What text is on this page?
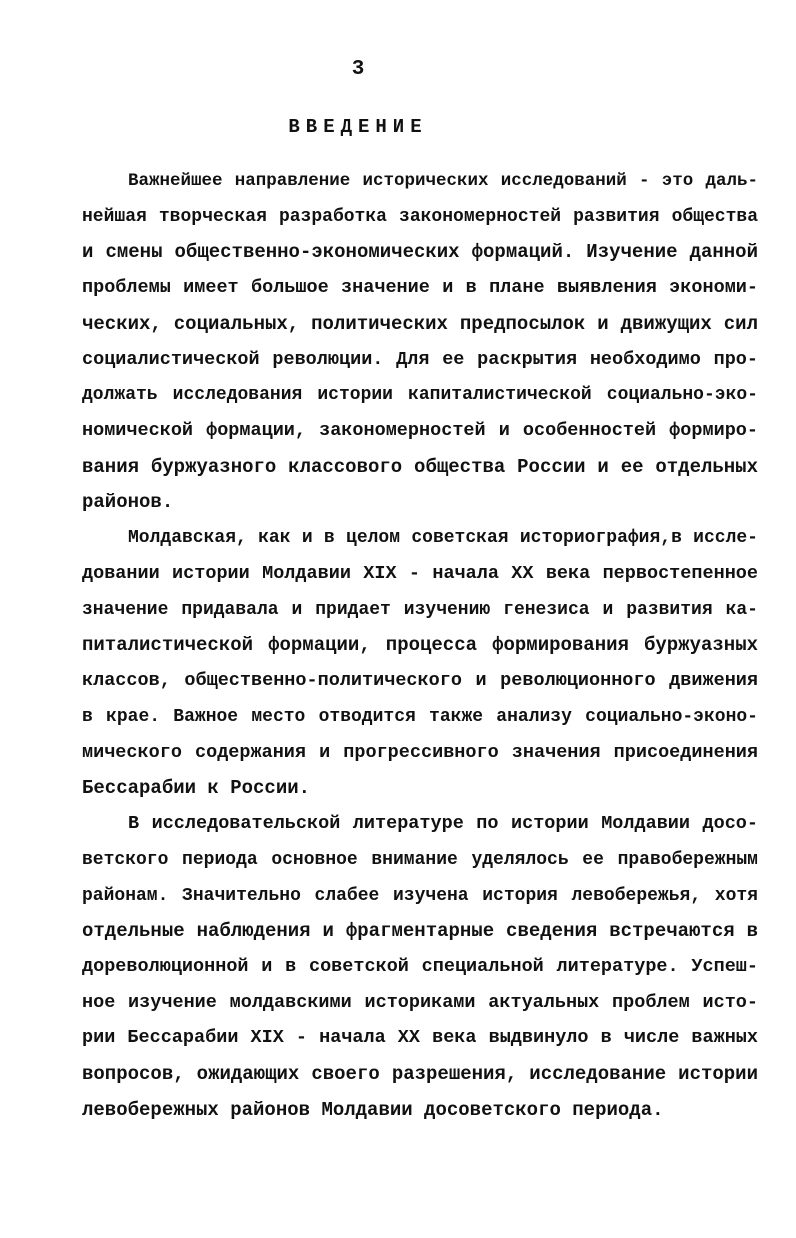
3
ВВЕДЕНИЕ
Важнейшее направление исторических исследований - это даль-
нейшая творческая разработка закономерностей развития общества
и смены общественно-экономических формаций. Изучение данной
проблемы имеет большое значение и в плане выявления экономи-
ческих, социальных, политических предпосылок и движущих сил
социалистической революции. Для ее раскрытия необходимо про-
должать исследования истории капиталистической социально-эко-
номической формации, закономерностей и особенностей формиро-
вания буржуазного классового общества России и ее отдельных
районов.
Молдавская, как и в целом советская историография,в иссле-
довании истории Молдавии XIX - начала XX века первостепенное
значение придавала и придает изучению генезиса и развития ка-
питалистической формации, процесса формирования буржуазных
классов, общественно-политического и революционного движения
в крае. Важное место отводится также анализу социально-эконо-
мического содержания и прогрессивного значения присоединения
Бессарабии к России.
В исследовательской литературе по истории Молдавии досо-
ветского периода основное внимание уделялось ее правобережным
районам. Значительно слабее изучена история левобережья, хотя
отдельные наблюдения и фрагментарные сведения встречаются в
дореволюционной и в советской специальной литературе. Успеш-
ное изучение молдавскими историками актуальных проблем исто-
рии Бессарабии XIX - начала XX века выдвинуло в числе важных
вопросов, ожидающих своего разрешения, исследование истории
левобережных районов Молдавии досоветского периода.
